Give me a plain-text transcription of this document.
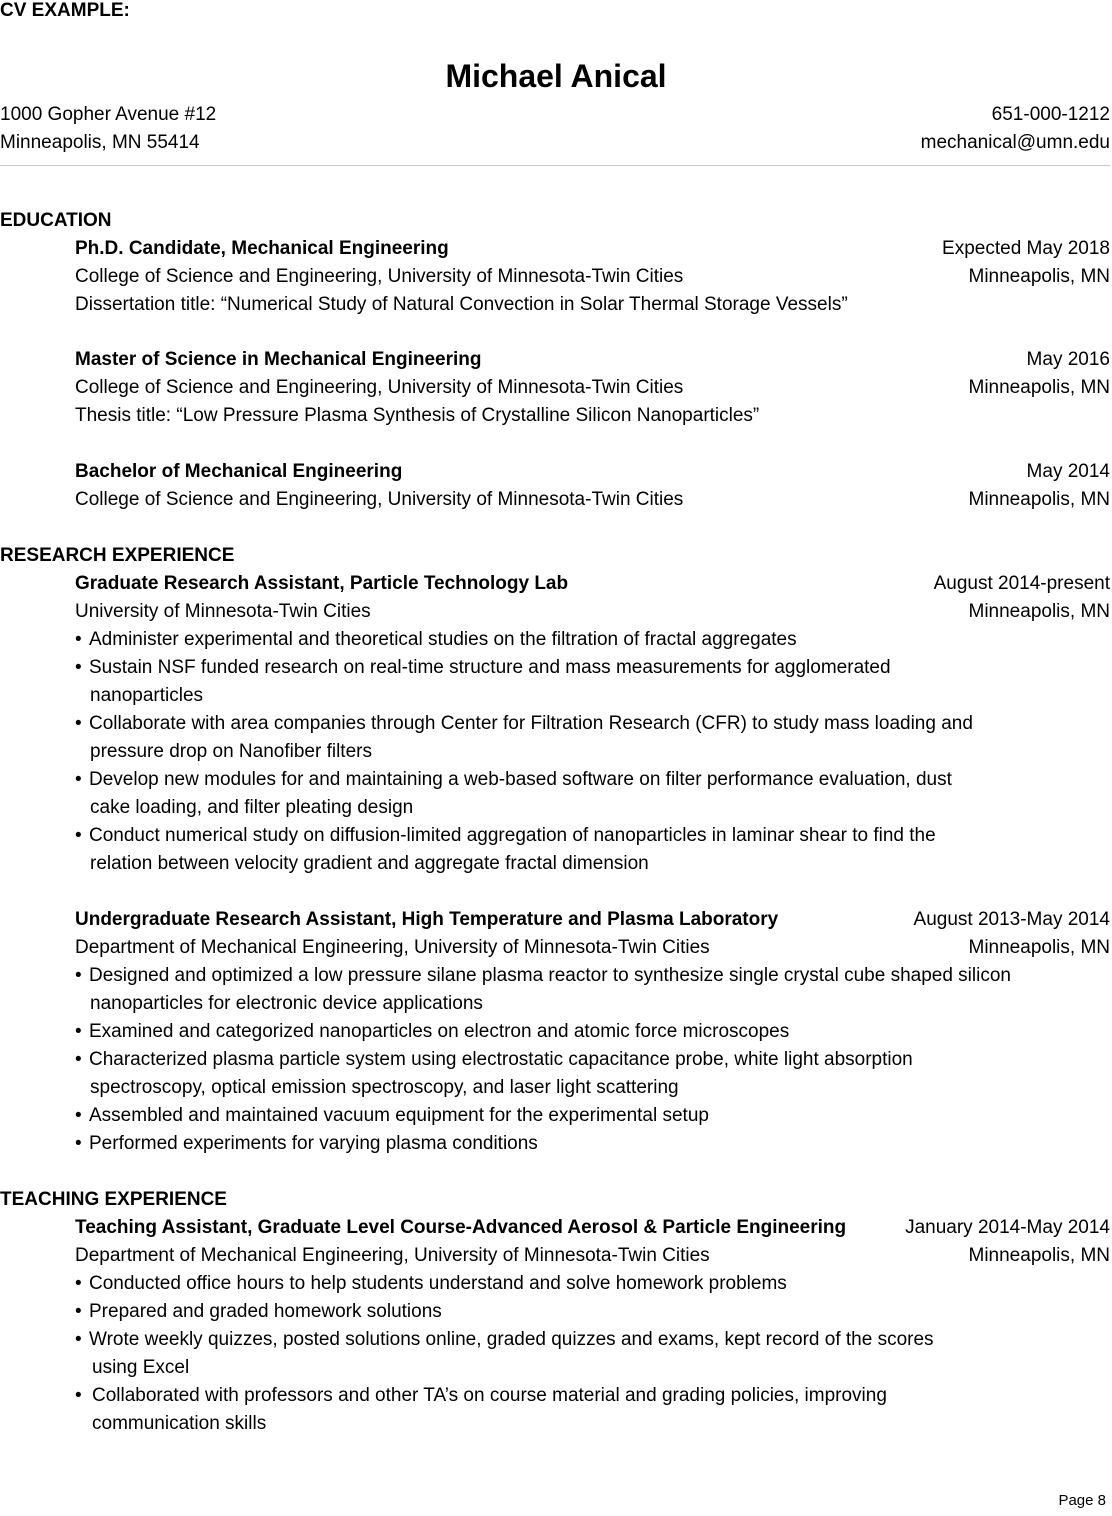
CV EXAMPLE:
Michael Anical
1000 Gopher Avenue #12
Minneapolis, MN 55414
651-000-1212
mechanical@umn.edu
EDUCATION
Ph.D. Candidate, Mechanical Engineering	Expected May 2018
College of Science and Engineering, University of Minnesota-Twin Cities	Minneapolis, MN
Dissertation title: “Numerical Study of Natural Convection in Solar Thermal Storage Vessels”
Master of Science in Mechanical Engineering	May 2016
College of Science and Engineering, University of Minnesota-Twin Cities	Minneapolis, MN
Thesis title: “Low Pressure Plasma Synthesis of Crystalline Silicon Nanoparticles”
Bachelor of Mechanical Engineering	May 2014
College of Science and Engineering, University of Minnesota-Twin Cities	Minneapolis, MN
RESEARCH EXPERIENCE
Graduate Research Assistant, Particle Technology Lab	August 2014-present
University of Minnesota-Twin Cities	Minneapolis, MN
• Administer experimental and theoretical studies on the filtration of fractal aggregates
• Sustain NSF funded research on real-time structure and mass measurements for agglomerated
nanoparticles
• Collaborate with area companies through Center for Filtration Research (CFR) to study mass loading and
pressure drop on Nanofiber filters
• Develop new modules for and maintaining a web-based software on filter performance evaluation, dust
cake loading, and filter pleating design
• Conduct numerical study on diffusion-limited aggregation of nanoparticles in laminar shear to find the
relation between velocity gradient and aggregate fractal dimension
Undergraduate Research Assistant, High Temperature and Plasma Laboratory	August 2013-May 2014
Department of Mechanical Engineering, University of Minnesota-Twin Cities	Minneapolis, MN
• Designed and optimized a low pressure silane plasma reactor to synthesize single crystal cube shaped silicon
nanoparticles for electronic device applications
• Examined and categorized nanoparticles on electron and atomic force microscopes
• Characterized plasma particle system using electrostatic capacitance probe, white light absorption
spectroscopy, optical emission spectroscopy, and laser light scattering
• Assembled and maintained vacuum equipment for the experimental setup
• Performed experiments for varying plasma conditions
TEACHING EXPERIENCE
Teaching Assistant, Graduate Level Course-Advanced Aerosol & Particle Engineering	January 2014-May 2014
Department of Mechanical Engineering, University of Minnesota-Twin Cities	Minneapolis, MN
• Conducted office hours to help students understand and solve homework problems
• Prepared and graded homework solutions
• Wrote weekly quizzes, posted solutions online, graded quizzes and exams, kept record of the scores
using Excel
• Collaborated with professors and other TA’s on course material and grading policies, improving
communication skills
Page 8
